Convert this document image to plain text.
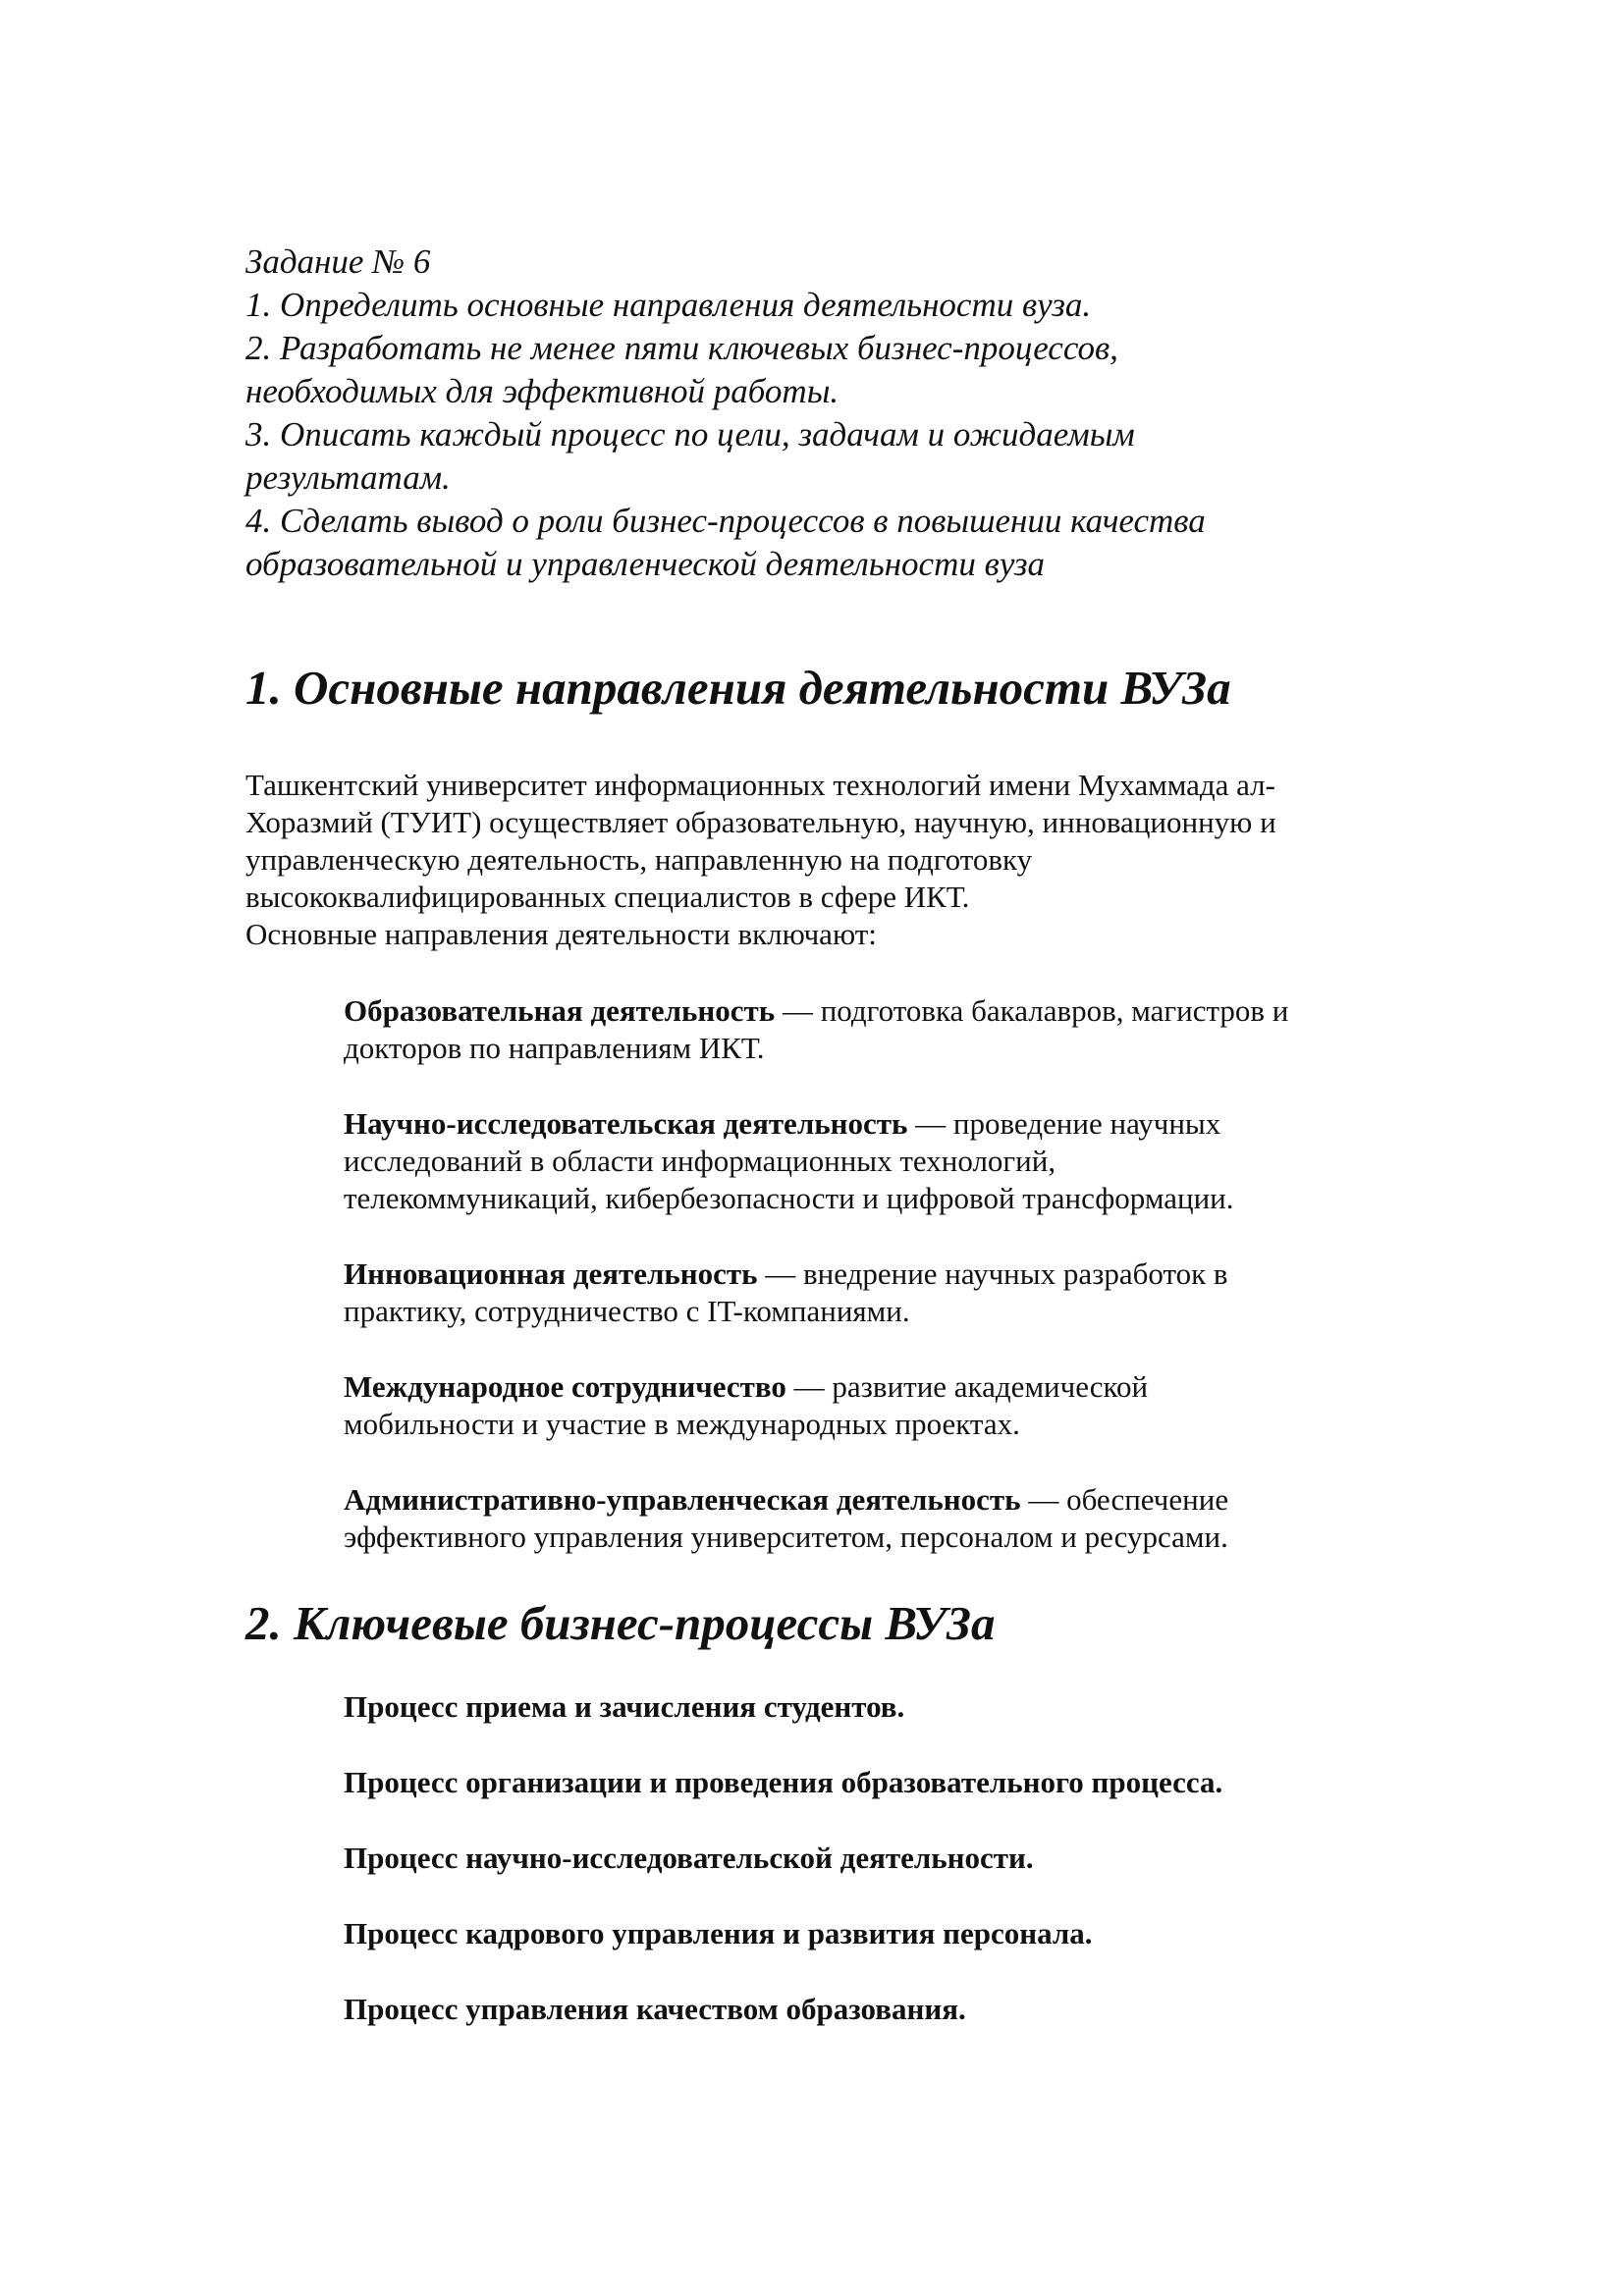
Задание № 6
1. Определить основные направления деятельности вуза.
2. Разработать не менее пяти ключевых бизнес-процессов,
необходимых для эффективной работы.
3. Описать каждый процесс по цели, задачам и ожидаемым
результатам.
4. Сделать вывод о роли бизнес-процессов в повышении качества
образовательной и управленческой деятельности вуза
1. Основные направления деятельности ВУЗа

Ташкентский университет информационных технологий имени Мухаммада ал-

Хоразмий (ТУИТ) осуществляет образовательную, научную, инновационную и

управленческую деятельность, направленную на подготовку

высококвалифицированных специалистов в сфере ИКТ.

Основные направления деятельности включают:

Образовательная деятельность — подготовка бакалавров, магистров и
докторов по направлениям ИКТ.
Научно-исследовательская деятельность — проведение научных
исследований в области информационных технологий,
телекоммуникаций, кибербезопасности и цифровой трансформации.
Инновационная деятельность — внедрение научных разработок в
практику, сотрудничество с IT-компаниями.
Международное сотрудничество — развитие академической
мобильности и участие в международных проектах.
Административно-управленческая деятельность — обеспечение
эффективного управления университетом, персоналом и ресурсами.
2. Ключевые бизнес-процессы ВУЗа
Процесс приема и зачисления студентов.
Процесс организации и проведения образовательного процесса.
Процесс научно-исследовательской деятельности.
Процесс кадрового управления и развития персонала.
Процесс управления качеством образования.
